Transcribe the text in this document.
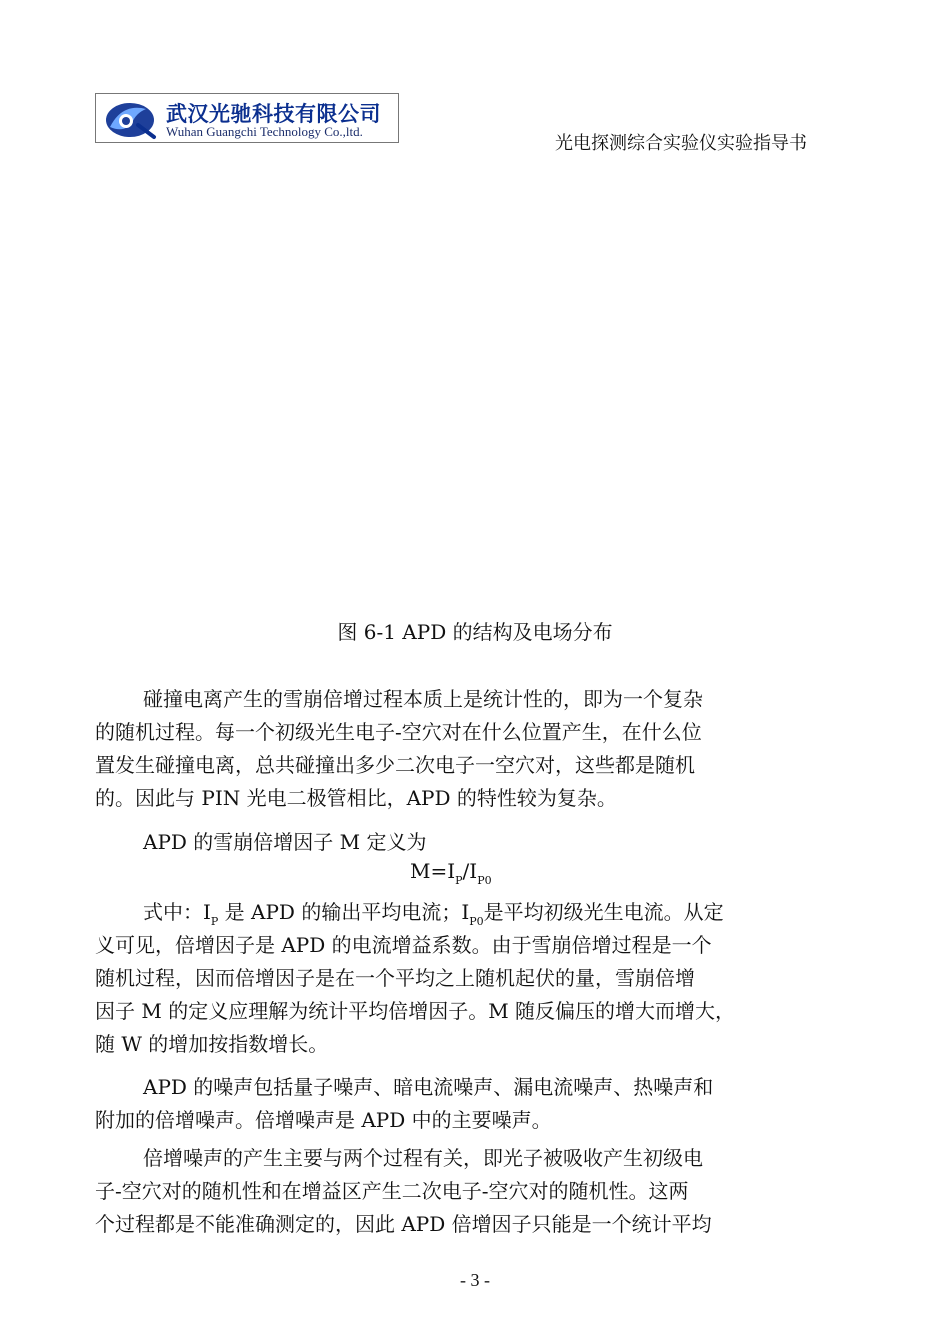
武汉光驰科技有限公司
Wuhan Guangchi Technology Co.,ltd.
光电探测综合实验仪实验指导书
图 6-1 APD 的结构及电场分布
碰撞电离产生的雪崩倍增过程本质上是统计性的，即为一个复杂
的随机过程。每一个初级光生电子-空穴对在什么位置产生，在什么位
置发生碰撞电离，总共碰撞出多少二次电子一空穴对，这些都是随机
的。因此与 PIN 光电二极管相比，APD 的特性较为复杂。
APD 的雪崩倍增因子 M 定义为
$M=I_P/I_{P0}$
式中：$I_P$ 是 APD 的输出平均电流；$I_{P0}$是平均初级光生电流。从定
义可见，倍增因子是 APD 的电流增益系数。由于雪崩倍增过程是一个
随机过程，因而倍增因子是在一个平均之上随机起伏的量，雪崩倍增
因子 M 的定义应理解为统计平均倍增因子。M 随反偏压的增大而增大，
随 W 的增加按指数增长。
APD 的噪声包括量子噪声、暗电流噪声、漏电流噪声、热噪声和
附加的倍增噪声。倍增噪声是 APD 中的主要噪声。
倍增噪声的产生主要与两个过程有关，即光子被吸收产生初级电
子-空穴对的随机性和在增益区产生二次电子-空穴对的随机性。这两
个过程都是不能准确测定的，因此 APD 倍增因子只能是一个统计平均
- 3 -
